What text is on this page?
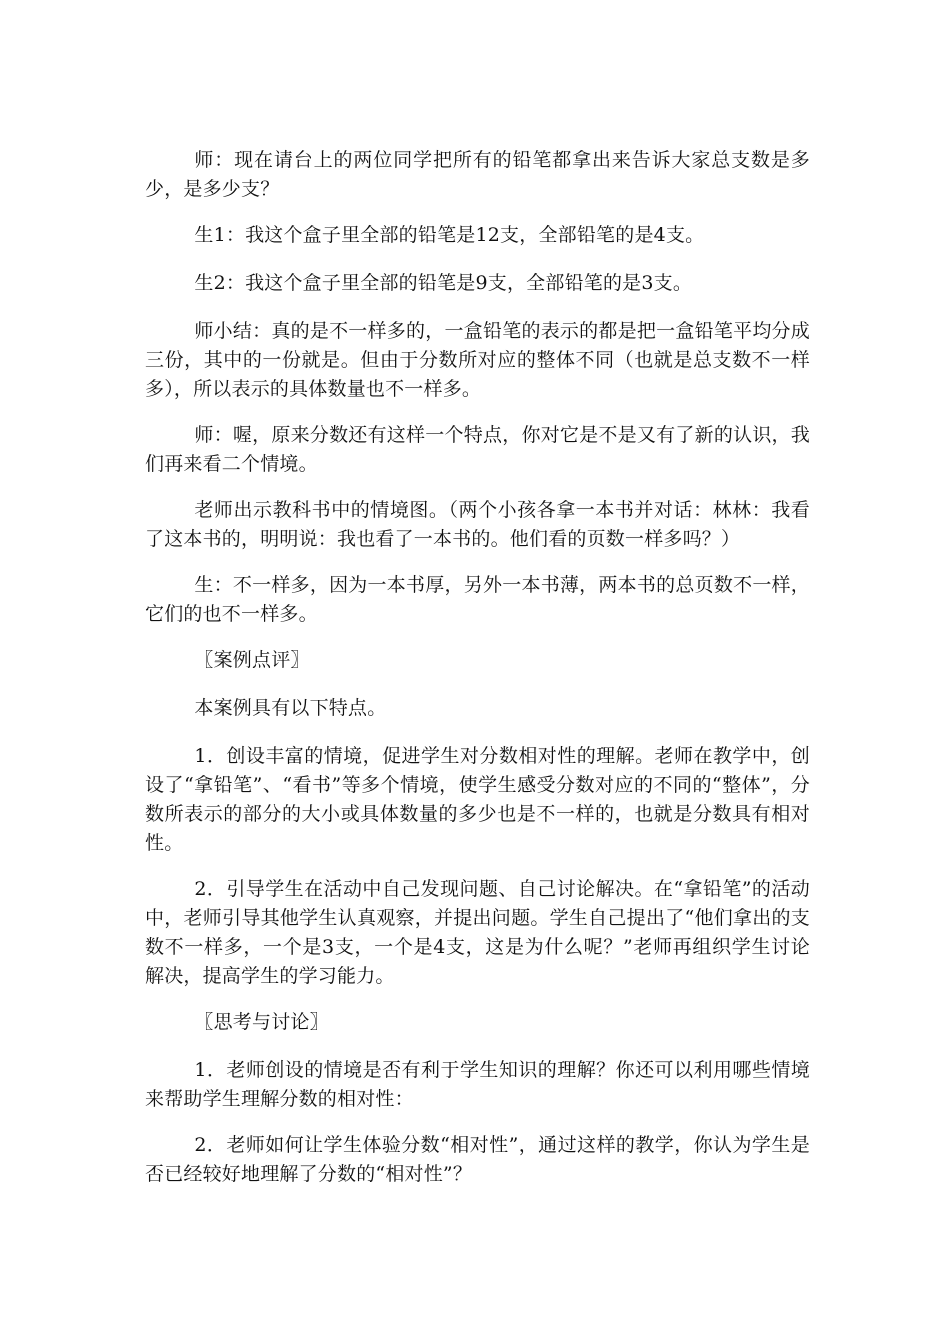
师：现在请台上的两位同学把所有的铅笔都拿出来告诉大家总支数是多少，是多少支？

生1：我这个盒子里全部的铅笔是12支，全部铅笔的是4支。

生2：我这个盒子里全部的铅笔是9支，全部铅笔的是3支。

师小结：真的是不一样多的，一盒铅笔的表示的都是把一盒铅笔平均分成三份，其中的一份就是。但由于分数所对应的整体不同（也就是总支数不一样多），所以表示的具体数量也不一样多。

师：喔，原来分数还有这样一个特点，你对它是不是又有了新的认识，我们再来看二个情境。

老师出示教科书中的情境图。（两个小孩各拿一本书并对话：林林：我看了这本书的，明明说：我也看了一本书的。他们看的页数一样多吗？）

生：不一样多，因为一本书厚，另外一本书薄，两本书的总页数不一样，它们的也不一样多。

〖案例点评〗

本案例具有以下特点。

1．创设丰富的情境，促进学生对分数相对性的理解。老师在教学中，创设了“拿铅笔”、“看书”等多个情境，使学生感受分数对应的不同的“整体”，分数所表示的部分的大小或具体数量的多少也是不一样的，也就是分数具有相对性。

2．引导学生在活动中自己发现问题、自己讨论解决。在“拿铅笔”的活动中，老师引导其他学生认真观察，并提出问题。学生自己提出了“他们拿出的支数不一样多，一个是3支，一个是4支，这是为什么呢？”老师再组织学生讨论解决，提高学生的学习能力。

〖思考与讨论〗

1．老师创设的情境是否有利于学生知识的理解？你还可以利用哪些情境来帮助学生理解分数的相对性：

2．老师如何让学生体验分数“相对性”，通过这样的教学，你认为学生是否已经较好地理解了分数的“相对性”？
